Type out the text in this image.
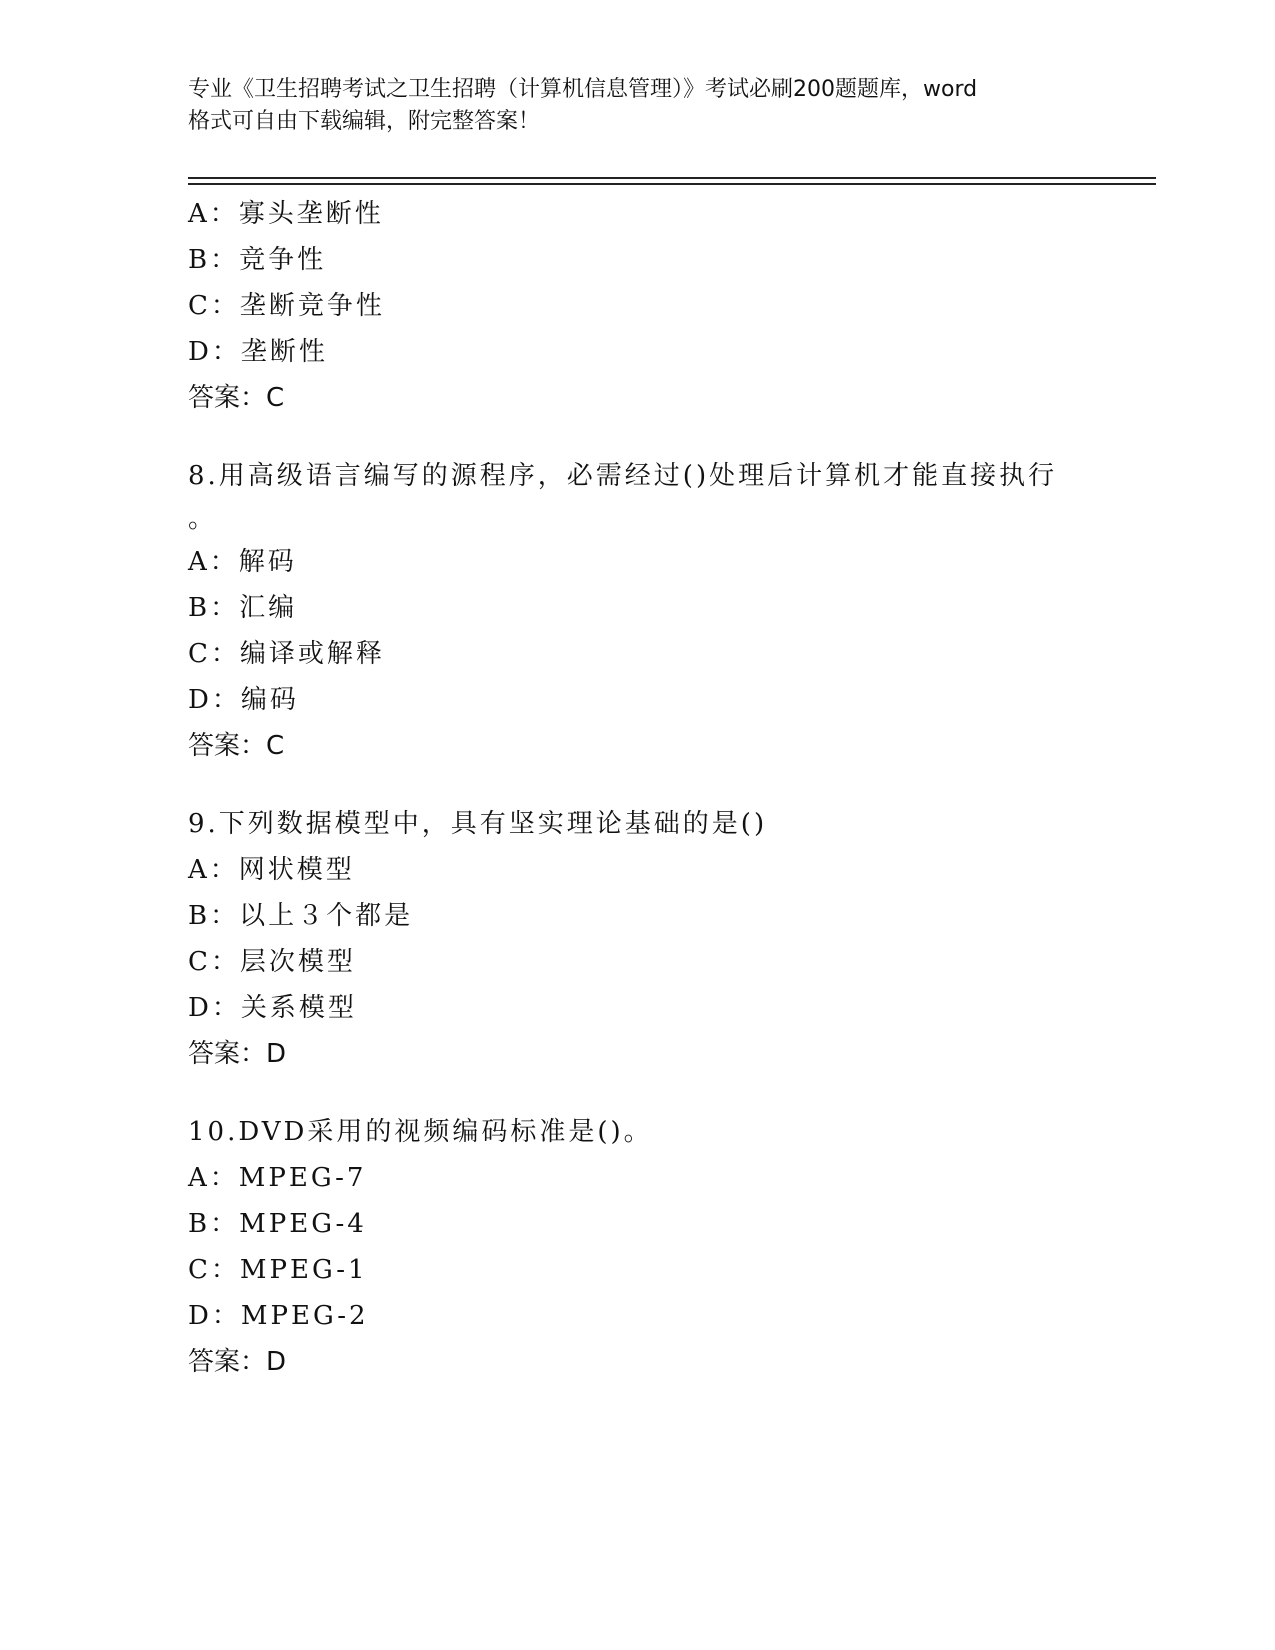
专业《卫生招聘考试之卫生招聘（计算机信息管理）》考试必刷200题题库，word
格式可自由下载编辑，附完整答案！
A：寡头垄断性
B：竞争性
C：垄断竞争性
D：垄断性
答案：C
8.用高级语言编写的源程序，必需经过()处理后计算机才能直接执行
。
A：解码
B：汇编
C：编译或解释
D：编码
答案：C
9.下列数据模型中，具有坚实理论基础的是()
A：网状模型
B：以上３个都是
C：层次模型
D：关系模型
答案：D
10.DVD采用的视频编码标准是()。
A：MPEG-7
B：MPEG-4
C：MPEG-1
D：MPEG-2
答案：D
